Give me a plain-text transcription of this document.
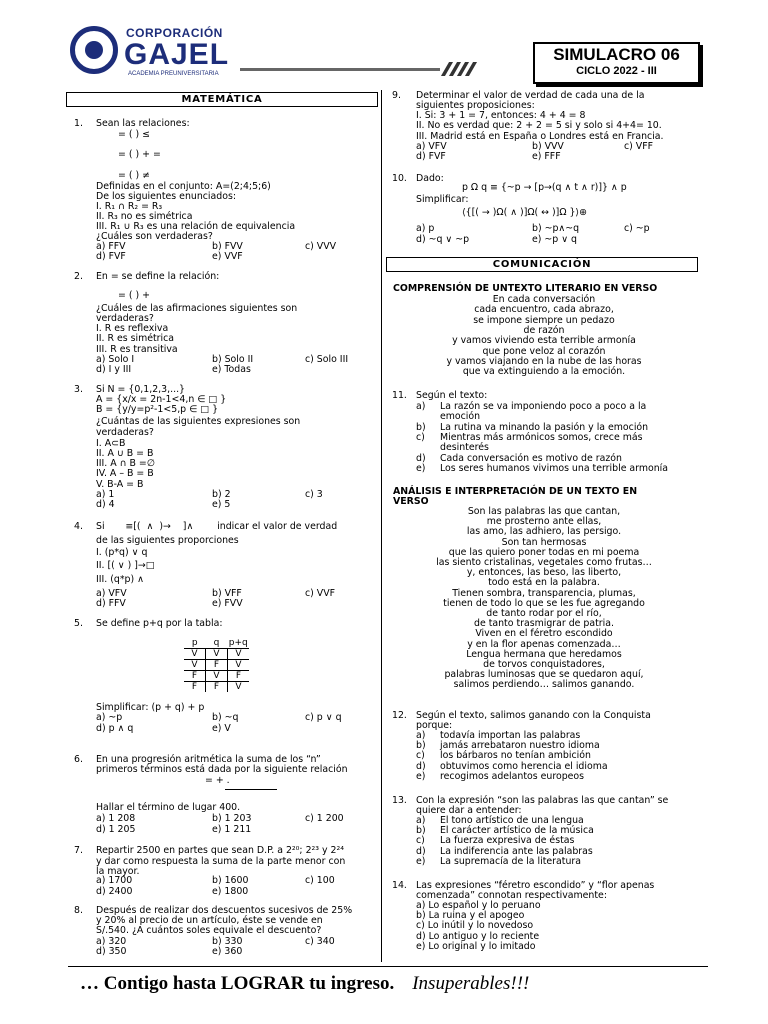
CORPORACIÓN
GAJEL
ACADEMIA PREUNIVERSITARIA
SIMULACRO 06
CICLO 2022 - III
MATEMÁTICA
COMUNICACIÓN
1. Sean las relaciones:
= ( ) ≤
= ( ) + =
= ( ) ≠
Definidas en el conjunto: A=(2;4;5;6)
De los siguientes enunciados:
I. R₁ ∩ R₂ = R₃
II. R₃ no es simétrica
III. R₁ ∪ R₃ es una relación de equivalencia
¿Cuáles son verdaderas?
a) FFV	b) FVV	c) VVV
d) FVF	e) VVF
2. En = se define la relación:
= ( ) +
¿Cuáles de las afirmaciones siguientes son
verdaderas?
I. R es reflexiva
II. R es simétrica
III. R es transitiva
a) Solo I	b) Solo II	c) Solo III
d) I y III	e) Todas
3. Si N = {0,1,2,3,...}
A = {x/x = 2n-1<4,n ∈ □ }
B = {y/y=p²-1<5,p ∈ □ }
¿Cuántas de las siguientes expresiones son
verdaderas?
I. A⊂B
II. A ∪ B = B
III. A ∩ B =∅
IV. A – B = B
V. B-A = B
a) 1	b) 2	c) 3
d) 4	e) 5
4. Si       ≡[(  ∧  )→    ]∧        indicar el valor de verdad
de las siguientes proporciones
I. (p*q) ∨ q
II. [( ∨ ) ]→□
III. (q*p) ∧
a) VFV	b) VFF	c) VVF
d) FFV	e) FVV
5. Se define p+q por la tabla:
Simplificar: (p + q) + p
a) ~p	b) ~q	c) p ∨ q
d) p ∧ q	e) V
6. En una progresión aritmética la suma de los “n”
primeros términos está dada por la siguiente relación
Hallar el término de lugar 400.
a) 1 208	b) 1 203	c) 1 200
d) 1 205	e) 1 211
7. Repartir 2500 en partes que sean D.P. a 2²⁰; 2²³ y 2²⁴
y dar como respuesta la suma de la parte menor con
la mayor.
a) 1700	b) 1600	c) 100
d) 2400	e) 1800
8. Después de realizar dos descuentos sucesivos de 25%
y 20% al precio de un artículo, éste se vende en
S/.540. ¿A cuántos soles equivale el descuento?
a) 320	b) 330	c) 340
d) 350	e) 360
p	q	p+q
V	V	V
V	F	V
F	V	F
F	F	V
= + .
9. Determinar el valor de verdad de cada una de la
siguientes proposiciones:
I. Si: 3 + 1 = 7, entonces: 4 + 4 = 8
II. No es verdad que: 2 + 2 = 5 si y solo si 4+4= 10.
III. Madrid está en España o Londres está en Francia.
a) VFV	b) VVV	c) VFF
d) FVF	e) FFF
10. Dado:
p Ω q ≡ {~p → [p→(q ∧ t ∧ r)]} ∧ p
Simplificar:
⟨{[( → )Ω( ∧ )]Ω( ↔ )]Ω }⟩⊕
a) p	b) ~p∧~q	c) ~p
d) ~q ∨ ~p	e) ~p ∨ q
COMPRENSIÓN DE UNTEXTO LITERARIO EN VERSO
En cada conversación
cada encuentro, cada abrazo,
se impone siempre un pedazo
de razón
y vamos viviendo esta terrible armonía
que pone veloz al corazón
y vamos viajando en la nube de las horas
que va extinguiendo a la emoción.
11. Según el texto:
a) La razón se va imponiendo poco a poco a la
emoción
b) La rutina va minando la pasión y la emoción
c) Mientras más armónicos somos, crece más
desinterés
d) Cada conversación es motivo de razón
e) Los seres humanos vivimos una terrible armonía
ANÁLISIS E INTERPRETACIÓN DE UN TEXTO EN
VERSO
Son las palabras las que cantan,
me prosterno ante ellas,
las amo, las adhiero, las persigo.
Son tan hermosas
que las quiero poner todas en mi poema
las siento cristalinas, vegetales como frutas…
y, entonces, las beso, las liberto,
todo está en la palabra.
Tienen sombra, transparencia, plumas,
tienen de todo lo que se les fue agregando
de tanto rodar por el río,
de tanto trasmigrar de patria.
Viven en el féretro escondido
y en la flor apenas comenzada…
Lengua hermana que heredamos
de torvos conquistadores,
palabras luminosas que se quedaron aquí,
salimos perdiendo… salimos ganando.
12. Según el texto, salimos ganando con la Conquista
porque:
a) todavía importan las palabras
b) jamás arrebataron nuestro idioma
c) los bárbaros no tenían ambición
d) obtuvimos como herencia el idioma
e) recogimos adelantos europeos
13. Con la expresión “son las palabras las que cantan” se
quiere dar a entender:
a) El tono artístico de una lengua
b) El carácter artístico de la música
c) La fuerza expresiva de éstas
d) La indiferencia ante las palabras
e) La supremacía de la literatura
14. Las expresiones “féretro escondido” y “flor apenas
comenzada” connotan respectivamente:
a) Lo español y lo peruano
b) La ruina y el apogeo
c) Lo inútil y lo novedoso
d) Lo antiguo y lo reciente
e) Lo original y lo imitado
… Contigo hasta LOGRAR tu ingreso. Insuperables!!!
